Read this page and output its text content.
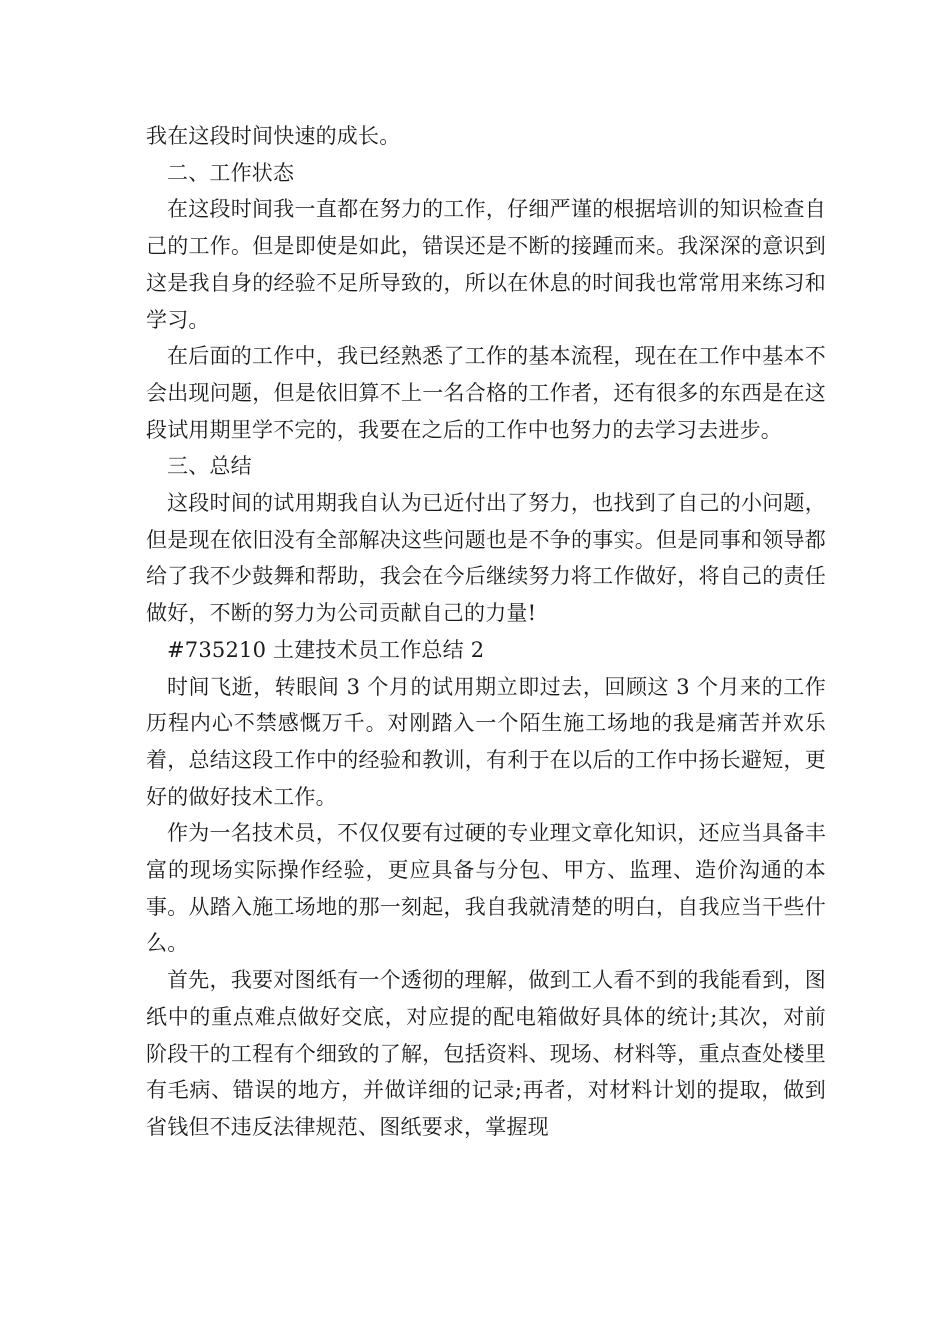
我在这段时间快速的成长。

二、工作状态

在这段时间我一直都在努力的工作，仔细严谨的根据培训的知识检查自己的工作。但是即使是如此，错误还是不断的接踵而来。我深深的意识到这是我自身的经验不足所导致的，所以在休息的时间我也常常用来练习和学习。

在后面的工作中，我已经熟悉了工作的基本流程，现在在工作中基本不会出现问题，但是依旧算不上一名合格的工作者，还有很多的东西是在这段试用期里学不完的，我要在之后的工作中也努力的去学习去进步。

三、总结

这段时间的试用期我自认为已近付出了努力，也找到了自己的小问题，但是现在依旧没有全部解决这些问题也是不争的事实。但是同事和领导都给了我不少鼓舞和帮助，我会在今后继续努力将工作做好，将自己的责任做好，不断的努力为公司贡献自己的力量!

#735210 土建技术员工作总结 2

时间飞逝，转眼间 3 个月的试用期立即过去，回顾这 3 个月来的工作历程内心不禁感慨万千。对刚踏入一个陌生施工场地的我是痛苦并欢乐着，总结这段工作中的经验和教训，有利于在以后的工作中扬长避短，更好的做好技术工作。

作为一名技术员，不仅仅要有过硬的专业理文章化知识，还应当具备丰富的现场实际操作经验，更应具备与分包、甲方、监理、造价沟通的本事。从踏入施工场地的那一刻起，我自我就清楚的明白，自我应当干些什么。

首先，我要对图纸有一个透彻的理解，做到工人看不到的我能看到，图纸中的重点难点做好交底，对应提的配电箱做好具体的统计;其次，对前阶段干的工程有个细致的了解，包括资料、现场、材料等，重点查处楼里有毛病、错误的地方，并做详细的记录;再者，对材料计划的提取，做到省钱但不违反法律规范、图纸要求，掌握现
